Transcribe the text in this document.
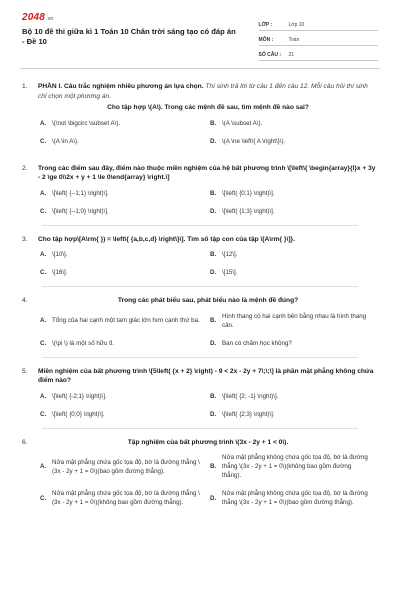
2048.vn
Bộ 10 đề thi giữa kì 1 Toán 10 Chân trời sáng tạo có đáp án - Đề 10
LỚP :	Lớp 10
MÔN :	Toán
SỐ CÂU :	21
1.	PHẦN I. Câu trắc nghiệm nhiều phương án lựa chọn. Thí sinh trả lời từ câu 1 đến câu 12. Mỗi câu hỏi thí sinh chỉ chọn một phương án.
Cho tập hợp \(A\). Trong các mệnh đề sau, tìm mệnh đề nào sai?
A. \(\not \bigcirc \subset A\).	B. \(A \subset A\).
C. \(A \in A\).	D. \(A \ne \left\{ A \right\}\).
2.	Trong các điểm sau đây, điểm nào thuộc miền nghiệm của hệ bất phương trình \[\left\{ \begin{array}{l}x + 3y - 2 \ge 0\\2x + y + 1 \le 0\end{array} \right.\]
A. \[\left( {--1;1} \right)\].	B. \[\left( {0;1} \right)\].
C. \[\left( {--1;0} \right)\].	D. \[\left( {1;3} \right)\].
3.	Cho tập hợp\[A\rm{ }) = \left\{ {a,b,c,d} \right\}\]. Tìm số tập con của tập \[A\rm{ }\]}.
A. \[10\].	B. \[12\].
C. \[16\].	D. \[15\].
4.	Trong các phát biểu sau, phát biểu nào là mệnh đề đúng?
A. Tổng của hai cạnh một tam giác lớn hơn cạnh thứ ba.	B.
Hình thang có hai cạnh bên bằng nhau là hình thang cân.
C. \(\pi \) là một số hữu tỉ.	D. Bạn có chăm học không?
5.	Miền nghiệm của bất phương trình \[5\left( {x + 2} \right) - 9 < 2x - 2y + 7\;\;\] là phần mặt phẳng không chứa điểm nào?
A. \[\left( {-2;1} \right)\].	B. \[\left( {2; -1} \right)\].
C. \[\left( {0;0} \right)\].	D. \[\left( {2;3} \right)\].
6.	Tập nghiệm của bất phương trình \(3x - 2y + 1 < 0\).
A.
Nửa mặt phẳng chứa gốc tọa độ, bờ là đường thẳng \(3x - 2y + 1 = 0\)(bao gồm đường thẳng).
B.
Nửa mặt phẳng không chứa gốc tọa độ, bờ là đường thẳng \(3x - 2y + 1 = 0\)(không bao gồm đường thẳng).
C.
Nửa mặt phẳng chứa gốc tọa độ, bờ là đường thẳng \(3x - 2y + 1 = 0\)(không bao gồm đường thẳng).
D.
Nửa mặt phẳng không chứa gốc tọa độ, bờ là đường thẳng \(3x - 2y + 1 = 0\)(bao gồm đường thẳng).
